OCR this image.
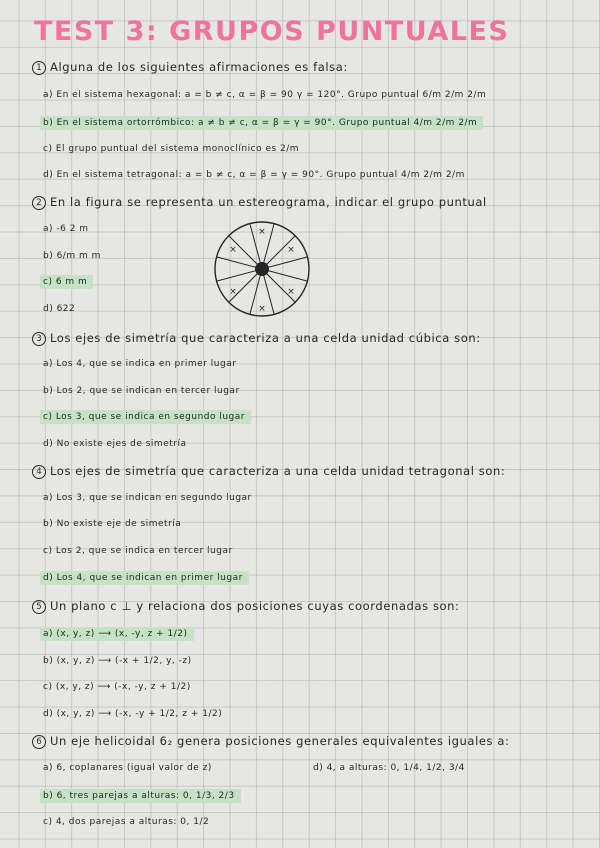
TEST 3: GRUPOS PUNTUALES
1 Alguna de los siguientes afirmaciones es falsa:
a) En el sistema hexagonal: a = b ≠ c, α = β = 90 γ = 120°. Grupo puntual 6/m 2/m 2/m
b) En el sistema ortorrómbico: a ≠ b ≠ c, α = β = γ = 90°. Grupo puntual 4/m 2/m 2/m
c) El grupo puntual del sistema monoclínico es 2/m
d) En el sistema tetragonal: a = b ≠ c, α = β = γ = 90°. Grupo puntual 4/m 2/m 2/m
2 En la figura se representa un estereograma, indicar el grupo puntual
a) -6 2 m
b) 6/m m m
c) 6 m m
d) 622
×
×	×
×	×
×
3 Los ejes de simetría que caracteriza a una celda unidad cúbica son:
a) Los 4, que se indica en primer lugar
b) Los 2, que se indican en tercer lugar
c) Los 3, que se indica en segundo lugar
d) No existe ejes de simetría
4 Los ejes de simetría que caracteriza a una celda unidad tetragonal son:
a) Los 3, que se indican en segundo lugar
b) No existe eje de simetría
c) Los 2, que se indica en tercer lugar
d) Los 4, que se indican en primer lugar
5 Un plano c ⊥ y relaciona dos posiciones cuyas coordenadas son:
a) (x, y, z) ⟶ (x, -y, z + 1/2)
b) (x, y, z) ⟶ (-x + 1/2, y, -z)
c) (x, y, z) ⟶ (-x, -y, z + 1/2)
d) (x, y, z) ⟶ (-x, -y + 1/2, z + 1/2)
6 Un eje helicoidal 6₂ genera posiciones generales equivalentes iguales a:
a) 6, coplanares (igual valor de z)	d) 4, a alturas: 0, 1/4, 1/2, 3/4
b) 6, tres parejas a alturas: 0, 1/3, 2/3
c) 4, dos parejas a alturas: 0, 1/2
